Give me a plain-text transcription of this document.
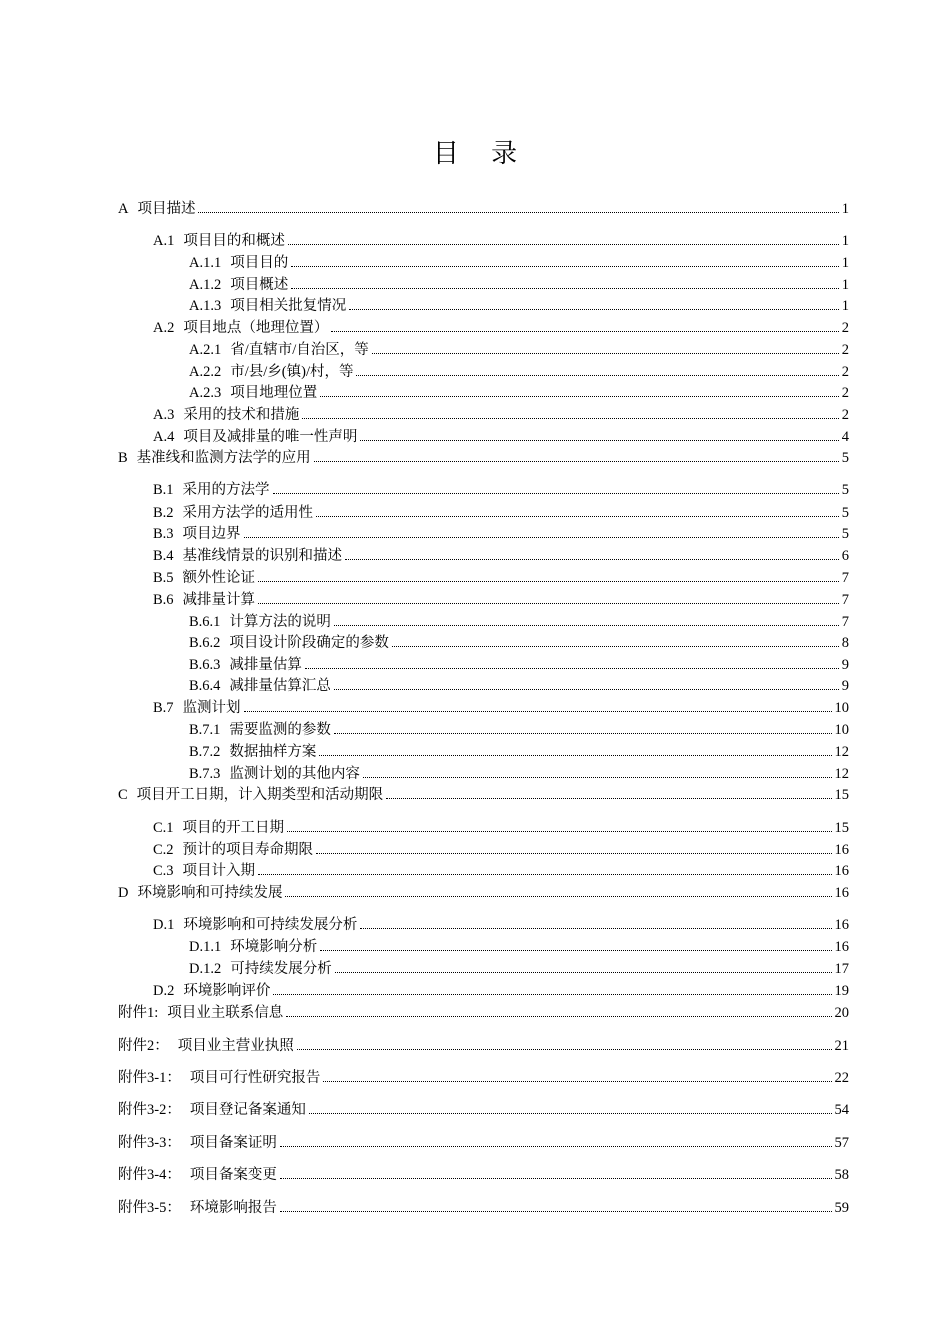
目 录
A 项目描述	1
A.1 项目目的和概述	1
A.1.1 项目目的	1
A.1.2 项目概述	1
A.1.3 项目相关批复情况	1
A.2 项目地点（地理位置）	2
A.2.1 省/直辖市/自治区，等	2
A.2.2 市/县/乡(镇)/村，等	2
A.2.3 项目地理位置	2
A.3 采用的技术和措施	2
A.4 项目及减排量的唯一性声明	4
B 基准线和监测方法学的应用	5
B.1 采用的方法学	5
B.2 采用方法学的适用性	5
B.3 项目边界	5
B.4 基准线情景的识别和描述	6
B.5 额外性论证	7
B.6 减排量计算	7
B.6.1 计算方法的说明	7
B.6.2 项目设计阶段确定的参数	8
B.6.3 减排量估算	9
B.6.4 减排量估算汇总	9
B.7 监测计划	10
B.7.1 需要监测的参数	10
B.7.2 数据抽样方案	12
B.7.3 监测计划的其他内容	12
C 项目开工日期，计入期类型和活动期限	15
C.1 项目的开工日期	15
C.2 预计的项目寿命期限	16
C.3 项目计入期	16
D 环境影响和可持续发展	16
D.1 环境影响和可持续发展分析	16
D.1.1 环境影响分析	16
D.1.2 可持续发展分析	17
D.2 环境影响评价	19
附件1: 项目业主联系信息	20
附件2： 项目业主营业执照	21
附件3-1： 项目可行性研究报告	22
附件3-2： 项目登记备案通知	54
附件3-3： 项目备案证明	57
附件3-4： 项目备案变更	58
附件3-5： 环境影响报告	59
